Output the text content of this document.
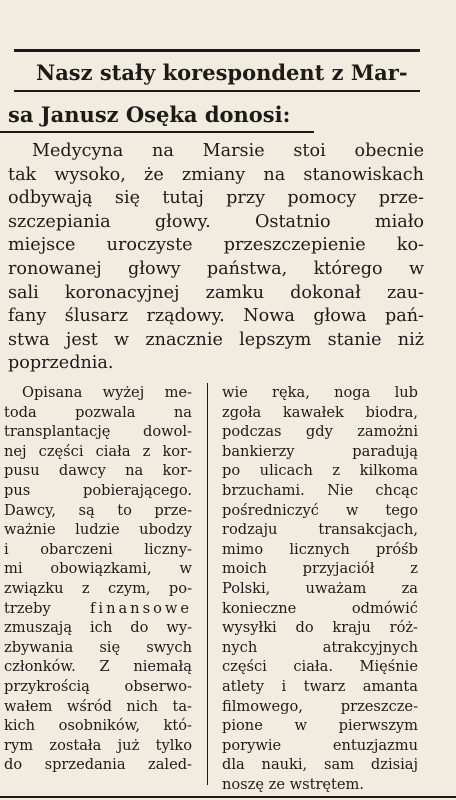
Nasz stały korespondent z Mar-
sa Janusz Osęka donosi:
Medycyna na Marsie stoi obecnie
tak wysoko, że zmiany na stanowiskach
odbywają się tutaj przy pomocy prze-
szczepiania głowy. Ostatnio miało
miejsce uroczyste przeszczepienie ko-
ronowanej głowy państwa, którego w
sali koronacyjnej zamku dokonał zau-
fany ślusarz rządowy. Nowa głowa pań-
stwa jest w znacznie lepszym stanie niż
poprzednia.
Opisana wyżej me-
toda pozwala na
transplantację dowol-
nej części ciała z kor-
pusu dawcy na kor-
pus pobierającego.
Dawcy, są to prze-
ważnie ludzie ubodzy
i obarczeni liczny-
mi obowiązkami, w
związku z czym, po-
trzeby finansowe
zmuszają ich do wy-
zbywania się swych
członków. Z niemałą
przykrością obserwo-
wałem wśród nich ta-
kich osobników, któ-
rym została już tylko
do sprzedania zaled-
wie ręka, noga lub
zgoła kawałek biodra,
podczas gdy zamożni
bankierzy paradują
po ulicach z kilkoma
brzuchami. Nie chcąc
pośredniczyć w tego
rodzaju transakcjach,
mimo licznych próśb
moich przyjaciół z
Polski, uważam za
konieczne odmówić
wysyłki do kraju róż-
nych atrakcyjnych
części ciała. Mięśnie
atlety i twarz amanta
filmowego, przeszcze-
pione w pierwszym
porywie entuzjazmu
dla nauki, sam dzisiaj
noszę ze wstrętem.
